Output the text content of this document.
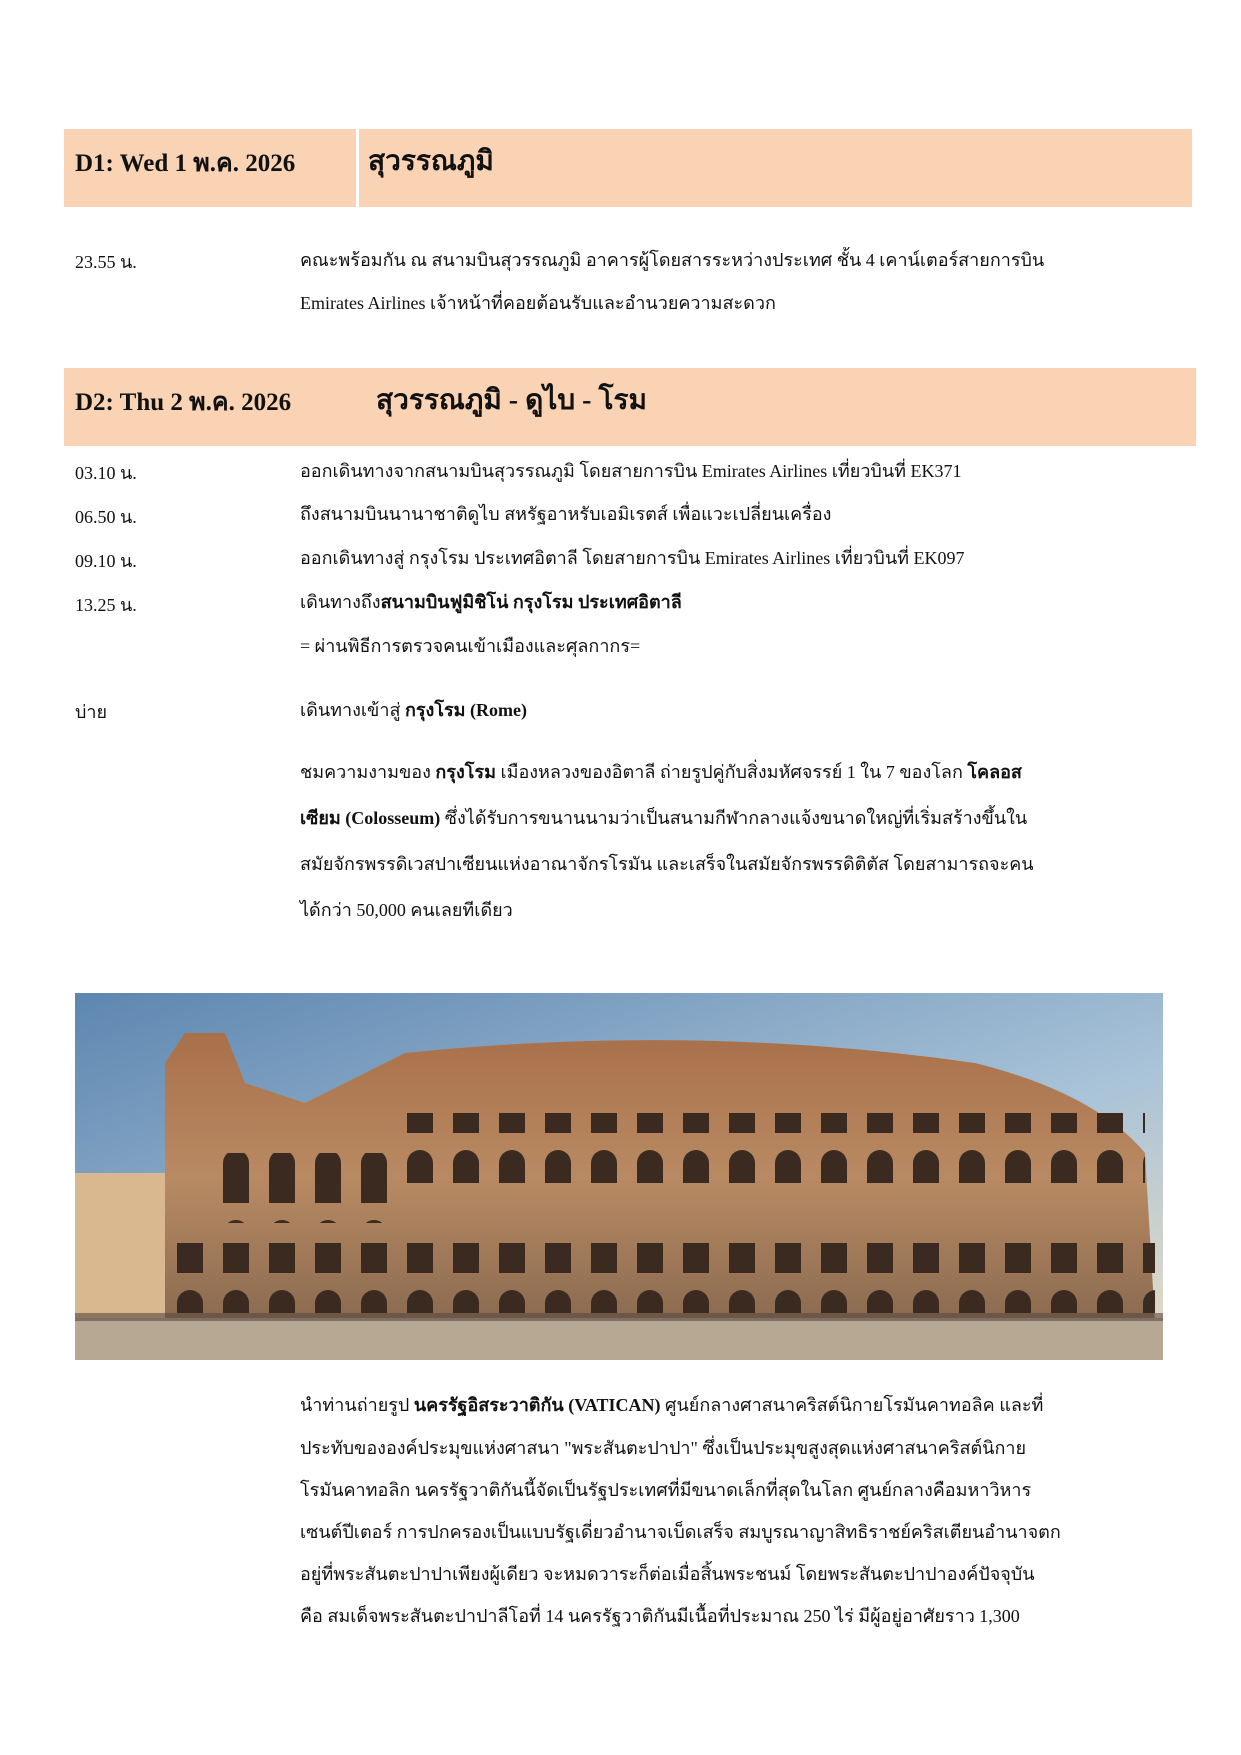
D1: Wed 1 พ.ค. 2026	สุวรรณภูมิ
23.55 น.	คณะพร้อมกัน ณ สนามบินสุวรรณภูมิ อาคารผู้โดยสารระหว่างประเทศ ชั้น 4 เคาน์เตอร์สายการบิน
Emirates Airlines เจ้าหน้าที่คอยต้อนรับและอำนวยความสะดวก
D2: Thu 2 พ.ค. 2026	สุวรรณภูมิ - ดูไบ - โรม
03.10 น.	ออกเดินทางจากสนามบินสุวรรณภูมิ โดยสายการบิน Emirates Airlines เที่ยวบินที่ EK371
06.50 น.	ถึงสนามบินนานาชาติดูไบ สหรัฐอาหรับเอมิเรตส์ เพื่อแวะเปลี่ยนเครื่อง
09.10 น.	ออกเดินทางสู่ กรุงโรม ประเทศอิตาลี โดยสายการบิน Emirates Airlines เที่ยวบินที่ EK097
13.25 น.	เดินทางถึงสนามบินฟูมิชิโน่ กรุงโรม ประเทศอิตาลี
= ผ่านพิธีการตรวจคนเข้าเมืองและศุลกากร=
บ่าย	เดินทางเข้าสู่ กรุงโรม (Rome)
ชมความงามของ กรุงโรม เมืองหลวงของอิตาลี ถ่ายรูปคู่กับสิ่งมหัศจรรย์ 1 ใน 7 ของโลก โคลอส
เซียม (Colosseum) ซึ่งได้รับการขนานนามว่าเป็นสนามกีฬากลางแจ้งขนาดใหญ่ที่เริ่มสร้างขึ้นใน
สมัยจักรพรรดิเวสปาเซียนแห่งอาณาจักรโรมัน และเสร็จในสมัยจักรพรรดิติตัส โดยสามารถจะคน
ได้กว่า 50,000 คนเลยทีเดียว
นำท่านถ่ายรูป นครรัฐอิสระวาติกัน (VATICAN) ศูนย์กลางศาสนาคริสต์นิกายโรมันคาทอลิค และที่
ประทับขององค์ประมุขแห่งศาสนา "พระสันตะปาปา" ซึ่งเป็นประมุขสูงสุดแห่งศาสนาคริสต์นิกาย
โรมันคาทอลิก นครรัฐวาติกันนี้จัดเป็นรัฐประเทศที่มีขนาดเล็กที่สุดในโลก ศูนย์กลางคือมหาวิหาร
เซนต์ปีเตอร์ การปกครองเป็นแบบรัฐเดี่ยวอำนาจเบ็ดเสร็จ สมบูรณาญาสิทธิราชย์คริสเตียนอำนาจตก
อยู่ที่พระสันตะปาปาเพียงผู้เดียว จะหมดวาระก็ต่อเมื่อสิ้นพระชนม์ โดยพระสันตะปาปาองค์ปัจจุบัน
คือ สมเด็จพระสันตะปาปาลีโอที่ 14 นครรัฐวาติกันมีเนื้อที่ประมาณ 250 ไร่ มีผู้อยู่อาศัยราว 1,300
